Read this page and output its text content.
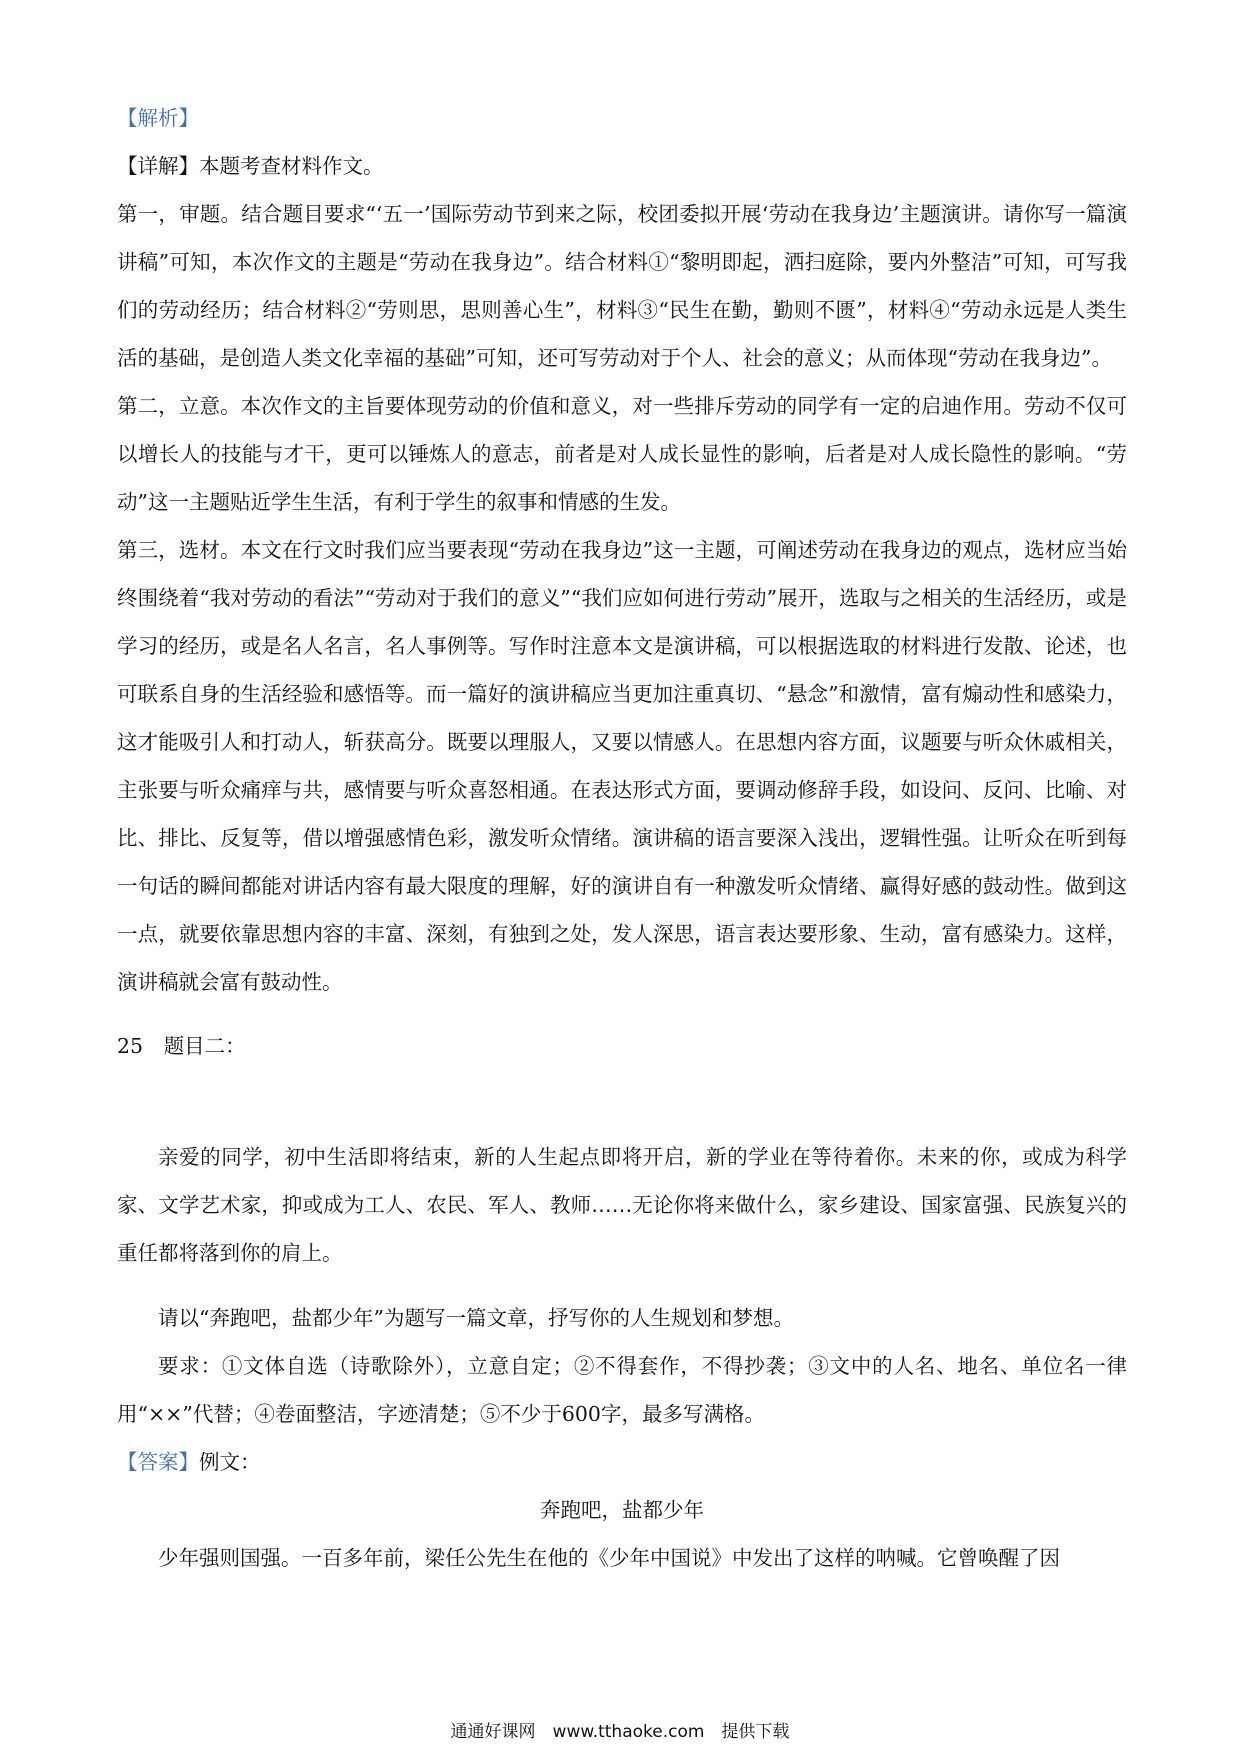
【解析】

【详解】本题考查材料作文。

第一，审题。结合题目要求“‘五一’国际劳动节到来之际，校团委拟开展‘劳动在我身边’主题演讲。请你写一篇演讲稿”可知，本次作文的主题是“劳动在我身边”。结合材料①“黎明即起，洒扫庭除，要内外整洁”可知，可写我们的劳动经历；结合材料②“劳则思，思则善心生”，材料③“民生在勤，勤则不匮”，材料④“劳动永远是人类生活的基础，是创造人类文化幸福的基础”可知，还可写劳动对于个人、社会的意义；从而体现“劳动在我身边”。

第二，立意。本次作文的主旨要体现劳动的价值和意义，对一些排斥劳动的同学有一定的启迪作用。劳动不仅可以增长人的技能与才干，更可以锤炼人的意志，前者是对人成长显性的影响，后者是对人成长隐性的影响。“劳动”这一主题贴近学生生活，有利于学生的叙事和情感的生发。

第三，选材。本文在行文时我们应当要表现“劳动在我身边”这一主题，可阐述劳动在我身边的观点，选材应当始终围绕着“我对劳动的看法”“劳动对于我们的意义”“我们应如何进行劳动”展开，选取与之相关的生活经历，或是学习的经历，或是名人名言，名人事例等。写作时注意本文是演讲稿，可以根据选取的材料进行发散、论述，也可联系自身的生活经验和感悟等。而一篇好的演讲稿应当更加注重真切、“悬念”和激情，富有煽动性和感染力，这才能吸引人和打动人，斩获高分。既要以理服人，又要以情感人。在思想内容方面，议题要与听众休戚相关，主张要与听众痛痒与共，感情要与听众喜怒相通。在表达形式方面，要调动修辞手段，如设问、反问、比喻、对比、排比、反复等，借以增强感情色彩，激发听众情绪。演讲稿的语言要深入浅出，逻辑性强。让听众在听到每一句话的瞬间都能对讲话内容有最大限度的理解，好的演讲自有一种激发听众情绪、赢得好感的鼓动性。做到这一点，就要依靠思想内容的丰富、深刻，有独到之处，发人深思，语言表达要形象、生动，富有感染力。这样，演讲稿就会富有鼓动性。

25　题目二：

亲爱的同学，初中生活即将结束，新的人生起点即将开启，新的学业在等待着你。未来的你，或成为科学家、文学艺术家，抑或成为工人、农民、军人、教师……无论你将来做什么，家乡建设、国家富强、民族复兴的重任都将落到你的肩上。

请以“奔跑吧，盐都少年”为题写一篇文章，抒写你的人生规划和梦想。

要求：①文体自选（诗歌除外），立意自定；②不得套作，不得抄袭；③文中的人名、地名、单位名一律用“××”代替；④卷面整洁，字迹清楚；⑤不少于600字，最多写满格。

【答案】例文：

奔跑吧，盐都少年

少年强则国强。一百多年前，梁任公先生在他的《少年中国说》中发出了这样的呐喊。它曾唤醒了因

通通好课网　www.tthaoke.com　提供下载
